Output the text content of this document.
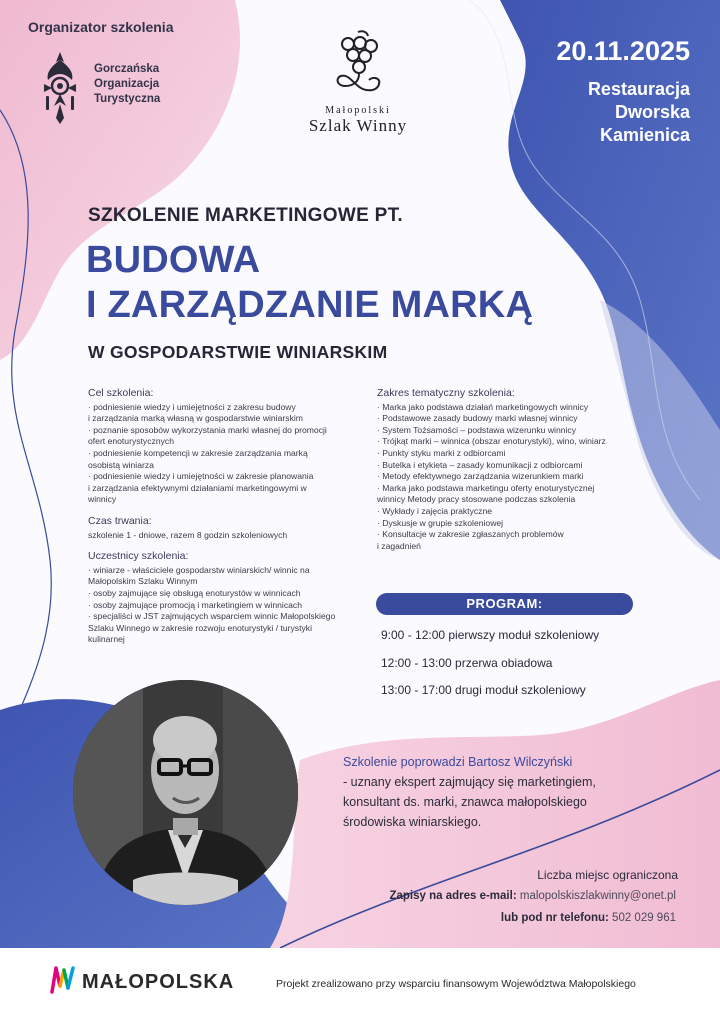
Organizator szkolenia
Gorczańska
Organizacja
Turystyczna
Małopolski
Szlak Winny
20.11.2025
Restauracja
Dworska
Kamienica
SZKOLENIE MARKETINGOWE PT.
BUDOWA
I ZARZĄDZANIE MARKĄ
W GOSPODARSTWIE WINIARSKIM
Cel szkolenia:
· podniesienie wiedzy i umiejętności z zakresu budowy
i zarządzania marką własną w gospodarstwie winiarskim
· poznanie sposobów wykorzystania marki własnej do promocji
ofert enoturystycznych
· podniesienie kompetencji w zakresie zarządzania marką
osobistą winiarza
· podniesienie wiedzy i umiejętności w zakresie planowania
i zarządzania efektywnymi działaniami marketingowymi w
winnicy
Czas trwania:
szkolenie 1 - dniowe, razem 8 godzin szkoleniowych
Uczestnicy szkolenia:
· winiarze - właściciele gospodarstw winiarskich/ winnic na
Małopolskim Szlaku Winnym
· osoby zajmujące się obsługą enoturystów w winnicach
· osoby zajmujące promocją i marketingiem w winnicach
· specjaliści w JST zajmujących wsparciem winnic Małopolskiego
Szlaku Winnego w zakresie rozwoju enoturystyki / turystyki
kulinarnej
Zakres tematyczny szkolenia:
· Marka jako podstawa działań marketingowych winnicy
· Podstawowe zasady budowy marki własnej winnicy
· System Tożsamości – podstawa wizerunku winnicy
· Trójkąt marki – winnica (obszar enoturystyki), wino, winiarz
· Punkty styku marki z odbiorcami
· Butelka i etykieta – zasady komunikacji z odbiorcami
· Metody efektywnego zarządzania wizerunkiem marki
· Marka jako podstawa marketingu oferty enoturystycznej
winnicy Metody pracy stosowane podczas szkolenia
· Wykłady i zajęcia praktyczne
· Dyskusje w grupie szkoleniowej
· Konsultacje w zakresie zgłaszanych problemów
i zagadnień
PROGRAM:
9:00 - 12:00 pierwszy moduł szkoleniowy
12:00 - 13:00 przerwa obiadowa
13:00 - 17:00 drugi moduł szkoleniowy
Szkolenie poprowadzi Bartosz Wilczyński
- uznany ekspert zajmujący się marketingiem,
konsultant ds. marki, znawca małopolskiego
środowiska winiarskiego.
Liczba miejsc ograniczona
Zapisy na adres e-mail: malopolskiszlakwinny@onet.pl
lub pod nr telefonu: 502 029 961
MAŁOPOLSKA	Projekt zrealizowano przy wsparciu finansowym Województwa Małopolskiego
